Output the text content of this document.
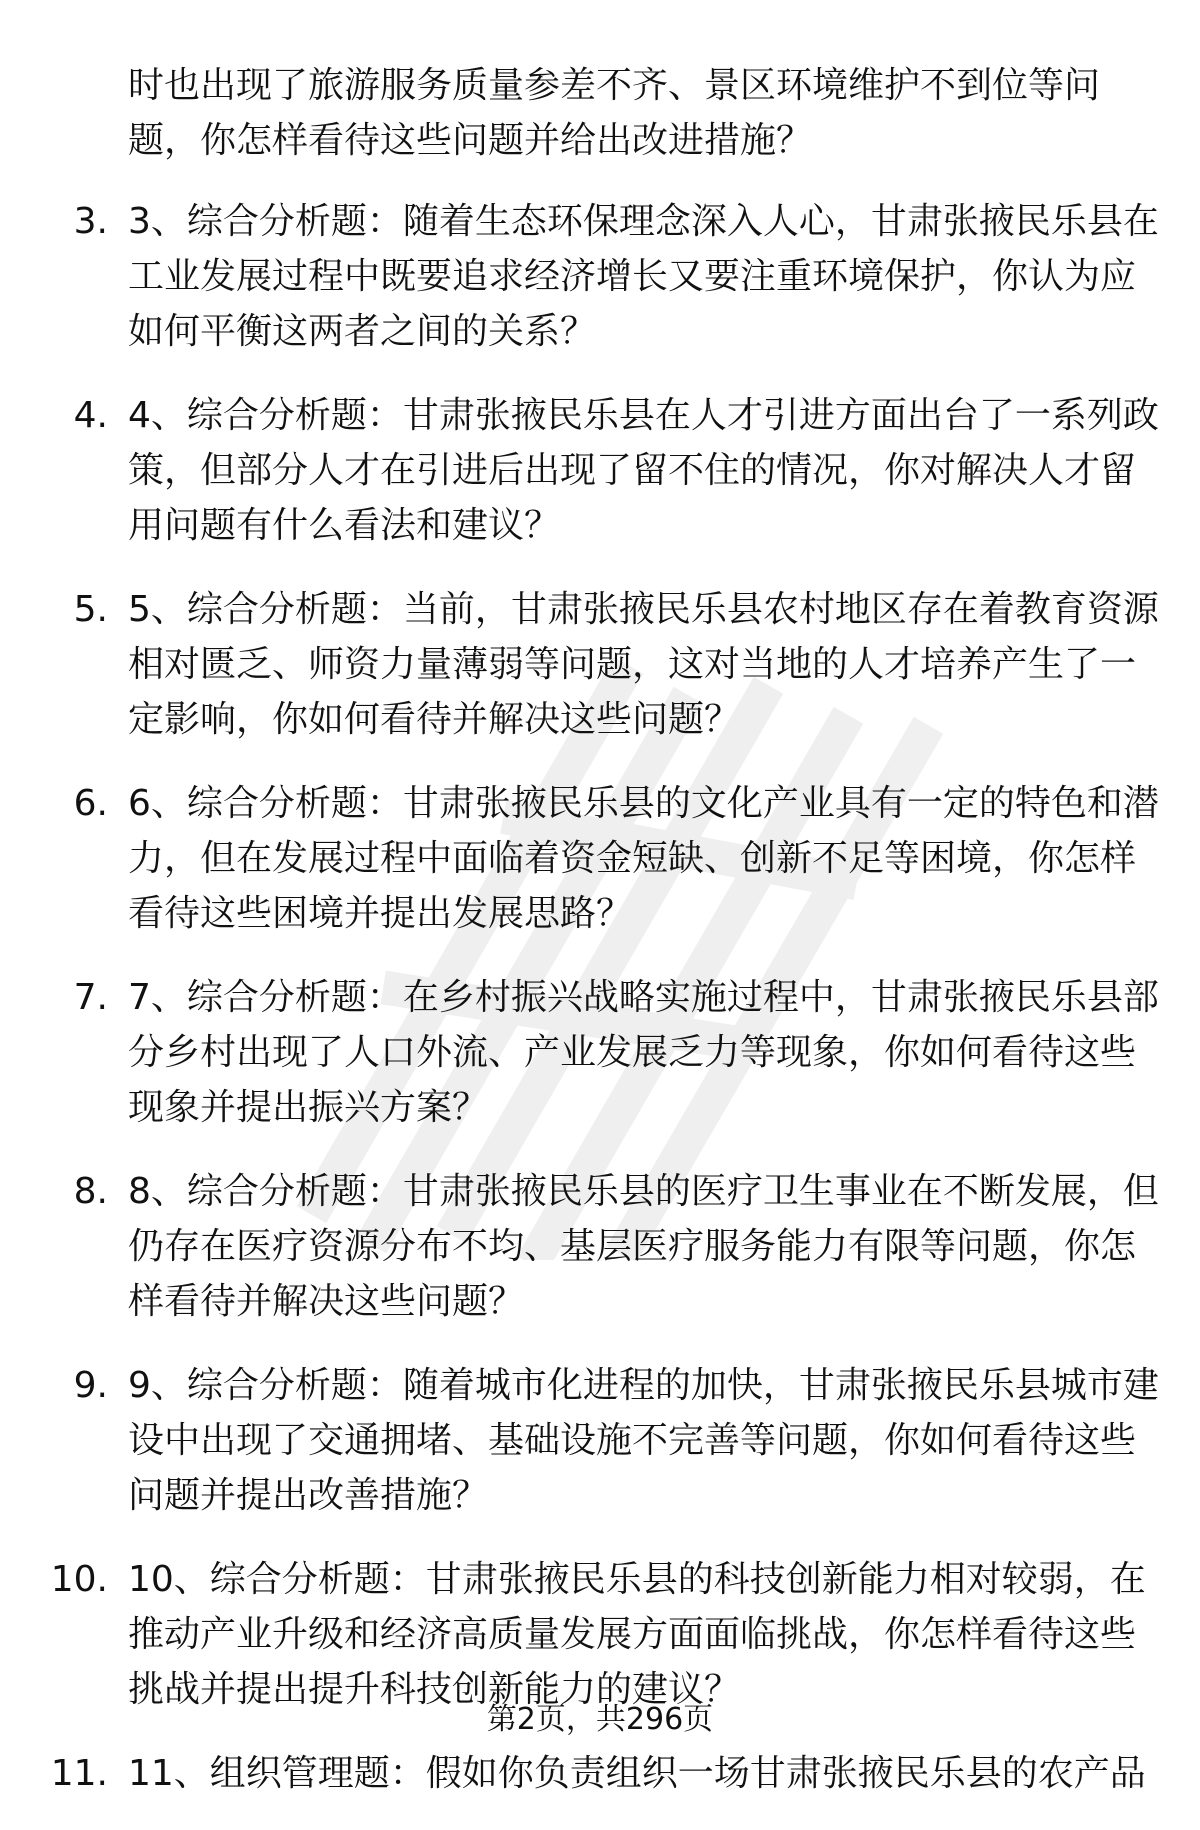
时也出现了旅游服务质量参差不齐、景区环境维护不到位等问题，你怎样看待这些问题并给出改进措施？
3. 3、综合分析题：随着生态环保理念深入人心，甘肃张掖民乐县在工业发展过程中既要追求经济增长又要注重环境保护，你认为应如何平衡这两者之间的关系？
4. 4、综合分析题：甘肃张掖民乐县在人才引进方面出台了一系列政策，但部分人才在引进后出现了留不住的情况，你对解决人才留用问题有什么看法和建议？
5. 5、综合分析题：当前，甘肃张掖民乐县农村地区存在着教育资源相对匮乏、师资力量薄弱等问题，这对当地的人才培养产生了一定影响，你如何看待并解决这些问题？
6. 6、综合分析题：甘肃张掖民乐县的文化产业具有一定的特色和潜力，但在发展过程中面临着资金短缺、创新不足等困境，你怎样看待这些困境并提出发展思路？
7. 7、综合分析题：在乡村振兴战略实施过程中，甘肃张掖民乐县部分乡村出现了人口外流、产业发展乏力等现象，你如何看待这些现象并提出振兴方案？
8. 8、综合分析题：甘肃张掖民乐县的医疗卫生事业在不断发展，但仍存在医疗资源分布不均、基层医疗服务能力有限等问题，你怎样看待并解决这些问题？
9. 9、综合分析题：随着城市化进程的加快，甘肃张掖民乐县城市建设中出现了交通拥堵、基础设施不完善等问题，你如何看待这些问题并提出改善措施？
10. 10、综合分析题：甘肃张掖民乐县的科技创新能力相对较弱，在推动产业升级和经济高质量发展方面面临挑战，你怎样看待这些挑战并提出提升科技创新能力的建议？
11. 11、组织管理题：假如你负责组织一场甘肃张掖民乐县的农产品
第2页，共296页
